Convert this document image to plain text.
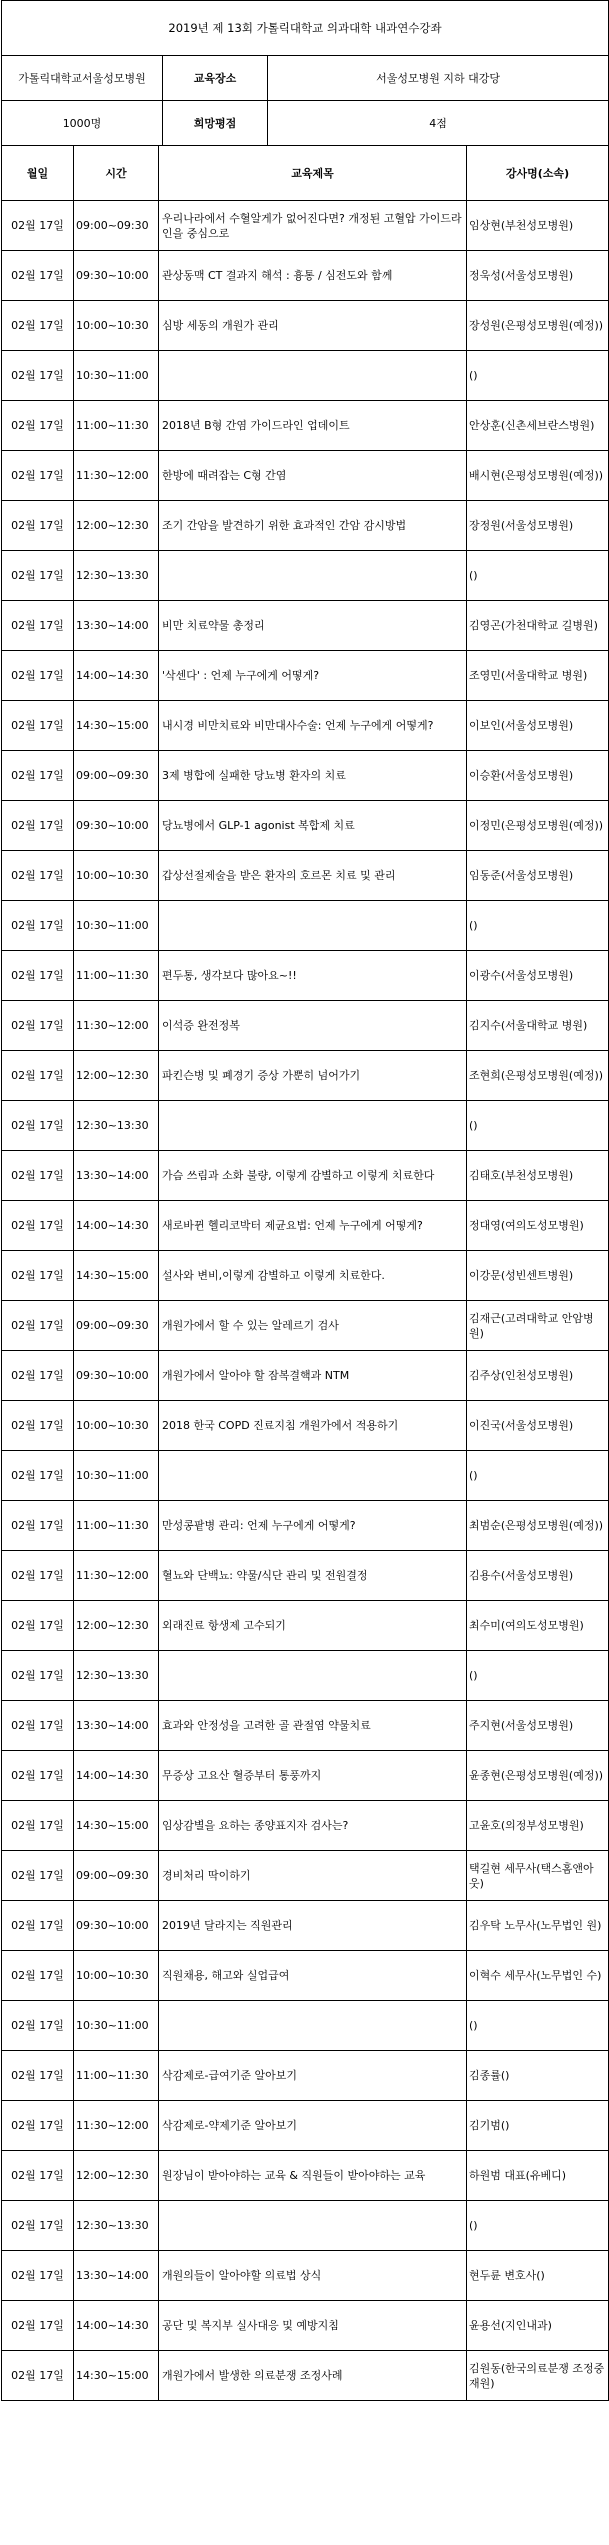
2019년 제 13회 가톨릭대학교 의과대학 내과연수강좌		
가톨릭대학교서울성모병원	교육장소	서울성모병원 지하 대강당
1000명	희망평점	4점
월일	시간	교육제목	강사명(소속)
02월 17일	09:00~09:30	우리나라에서 수혈알게가 없어진다면? 개정된 고혈압 가이드라인을 중심으로	임상현(부천성모병원)
02월 17일	09:30~10:00	관상동맥 CT 결과지 해석 : 흉통 / 심전도와 함께	정욱성(서울성모병원)
02월 17일	10:00~10:30	심방 세동의 개원가 관리	장성원(은평성모병원(예정))
02월 17일	10:30~11:00		()
02월 17일	11:00~11:30	2018년 B형 간염 가이드라인 업데이트	안상훈(신촌세브란스병원)
02월 17일	11:30~12:00	한방에 때려잡는 C형 간염	배시현(은평성모병원(예정))
02월 17일	12:00~12:30	조기 간암을 발견하기 위한 효과적인 간암 감시방법	장정원(서울성모병원)
02월 17일	12:30~13:30		()
02월 17일	13:30~14:00	비만 치료약물 총정리	김영곤(가천대학교 길병원)
02월 17일	14:00~14:30	'삭센다' : 언제 누구에게 어떻게?	조영민(서울대학교 병원)
02월 17일	14:30~15:00	내시경 비만치료와 비만대사수술: 언제 누구에게 어떻게?	이보인(서울성모병원)
02월 17일	09:00~09:30	3제 병합에 실패한 당뇨병 환자의 치료	이승환(서울성모병원)
02월 17일	09:30~10:00	당뇨병에서 GLP-1 agonist 복합제 치료	이정민(은평성모병원(예정))
02월 17일	10:00~10:30	갑상선절제술을 받은 환자의 호르몬 치료 및 관리	임동준(서울성모병원)
02월 17일	10:30~11:00		()
02월 17일	11:00~11:30	편두통, 생각보다 많아요~!!	이광수(서울성모병원)
02월 17일	11:30~12:00	이석증 완전정복	김지수(서울대학교 병원)
02월 17일	12:00~12:30	파킨슨병 및 폐경기 증상 가뿐히 넘어가기	조현희(은평성모병원(예정))
02월 17일	12:30~13:30		()
02월 17일	13:30~14:00	가슴 쓰림과 소화 불량, 이렇게 감별하고 이렇게 치료한다	김태호(부천성모병원)
02월 17일	14:00~14:30	새로바뀐 헬리코박터 제균요법: 언제 누구에게 어떻게?	정대영(여의도성모병원)
02월 17일	14:30~15:00	설사와 변비,이렇게 감별하고 이렇게 치료한다.	이강문(성빈센트병원)
02월 17일	09:00~09:30	개원가에서 할 수 있는 알레르기 검사	김재근(고려대학교 안암병원)
02월 17일	09:30~10:00	개원가에서 알아야 할 잠복결핵과 NTM	김주상(인천성모병원)
02월 17일	10:00~10:30	2018 한국 COPD 진료지침 개원가에서 적용하기	이진국(서울성모병원)
02월 17일	10:30~11:00		()
02월 17일	11:00~11:30	만성콩팥병 관리: 언제 누구에게 어떻게?	최범순(은평성모병원(예정))
02월 17일	11:30~12:00	혈뇨와 단백뇨: 약물/식단 관리 및 전원결정	김용수(서울성모병원)
02월 17일	12:00~12:30	외래진료 항생제 고수되기	최수미(여의도성모병원)
02월 17일	12:30~13:30		()
02월 17일	13:30~14:00	효과와 안정성을 고려한 골 관절염 약물치료	주지현(서울성모병원)
02월 17일	14:00~14:30	무증상 고요산 혈증부터 통풍까지	윤종현(은평성모병원(예정))
02월 17일	14:30~15:00	임상감별을 요하는 종양표지자 검사는?	고윤호(의정부성모병원)
02월 17일	09:00~09:30	경비처리 딱이하기	택길현 세무사(택스홈앤아웃)
02월 17일	09:30~10:00	2019년 달라지는 직원관리	김우탁 노무사(노무법인 원)
02월 17일	10:00~10:30	직원채용, 해고와 실업급여	이혁수 세무사(노무법인 수)
02월 17일	10:30~11:00		()
02월 17일	11:00~11:30	삭감제로-급여기준 알아보기	김종률()
02월 17일	11:30~12:00	삭감제로-약제기준 알아보기	김기범()
02월 17일	12:00~12:30	원장님이 받아야하는 교육 & 직원들이 받아야하는 교육	하원범 대표(유베디)
02월 17일	12:30~13:30		()
02월 17일	13:30~14:00	개원의들이 알아야할 의료법 상식	현두륜 변호사()
02월 17일	14:00~14:30	공단 및 복지부 실사대응 및 예방지침	윤용선(지인내과)
02월 17일	14:30~15:00	개원가에서 발생한 의료분쟁 조정사례	김원동(한국의료분쟁 조정중재원)
